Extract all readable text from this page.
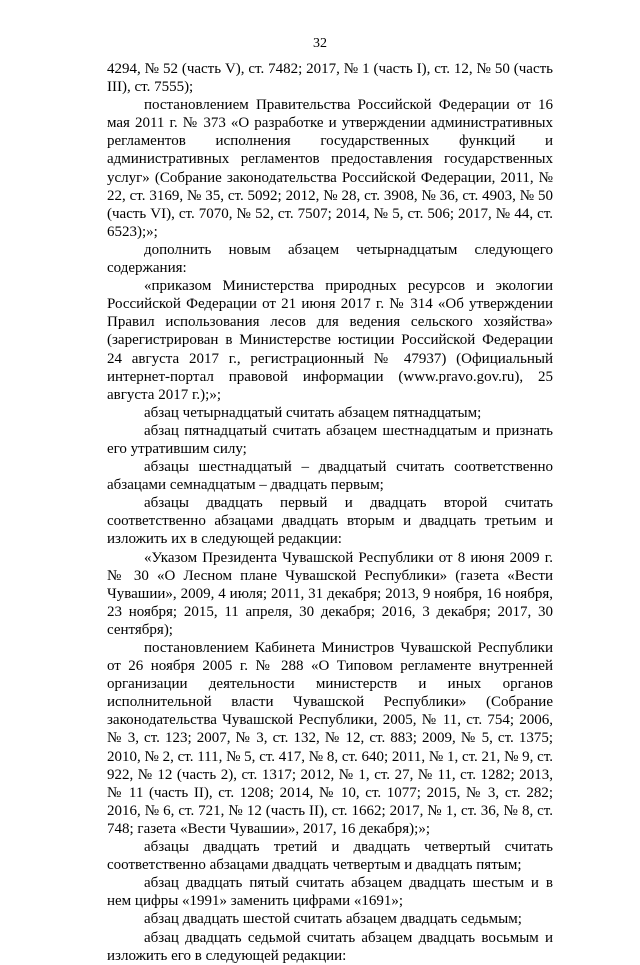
32

4294, № 52 (часть V), ст. 7482; 2017, № 1 (часть I), ст. 12, № 50 (часть III), ст. 7555);

постановлением Правительства Российской Федерации от 16 мая 2011 г. № 373 «О разработке и утверждении административных регламентов исполнения государственных функций и административных регламентов предоставления государственных услуг» (Собрание законодательства Российской Федерации, 2011, № 22, ст. 3169, № 35, ст. 5092; 2012, № 28, ст. 3908, № 36, ст. 4903, № 50 (часть VI), ст. 7070, № 52, ст. 7507; 2014, № 5, ст. 506; 2017, № 44, ст. 6523);»;

дополнить новым абзацем четырнадцатым следующего содержания:

«приказом Министерства природных ресурсов и экологии Российской Федерации от 21 июня 2017 г. № 314 «Об утверждении Правил использования лесов для ведения сельского хозяйства» (зарегистрирован в Министерстве юстиции Российской Федерации 24 августа 2017 г., регистрационный № 47937) (Официальный интернет-портал правовой информации (www.pravo.gov.ru), 25 августа 2017 г.);»;

абзац четырнадцатый считать абзацем пятнадцатым;

абзац пятнадцатый считать абзацем шестнадцатым и признать его утратившим силу;

абзацы шестнадцатый – двадцатый считать соответственно абзацами семнадцатым – двадцать первым;

абзацы двадцать первый и двадцать второй считать соответственно абзацами двадцать вторым и двадцать третьим и изложить их в следующей редакции:

«Указом Президента Чувашской Республики от 8 июня 2009 г. № 30 «О Лесном плане Чувашской Республики» (газета «Вести Чувашии», 2009, 4 июля; 2011, 31 декабря; 2013, 9 ноября, 16 ноября, 23 ноября; 2015, 11 апреля, 30 декабря; 2016, 3 декабря; 2017, 30 сентября);

постановлением Кабинета Министров Чувашской Республики от 26 ноября 2005 г. № 288 «О Типовом регламенте внутренней организации деятельности министерств и иных органов исполнительной власти Чувашской Республики» (Собрание законодательства Чувашской Республики, 2005, № 11, ст. 754; 2006, № 3, ст. 123; 2007, № 3, ст. 132, № 12, ст. 883; 2009, № 5, ст. 1375; 2010, № 2, ст. 111, № 5, ст. 417, № 8, ст. 640; 2011, № 1, ст. 21, № 9, ст. 922, № 12 (часть 2), ст. 1317; 2012, № 1, ст. 27, № 11, ст. 1282; 2013, № 11 (часть II), ст. 1208; 2014, № 10, ст. 1077; 2015, № 3, ст. 282; 2016, № 6, ст. 721, № 12 (часть II), ст. 1662; 2017, № 1, ст. 36, № 8, ст. 748; газета «Вести Чувашии», 2017, 16 декабря);»;

абзацы двадцать третий и двадцать четвертый считать соответственно абзацами двадцать четвертым и двадцать пятым;

абзац двадцать пятый считать абзацем двадцать шестым и в нем цифры «1991» заменить цифрами «1691»;

абзац двадцать шестой считать абзацем двадцать седьмым;

абзац двадцать седьмой считать абзацем двадцать восьмым и изложить его в следующей редакции:
